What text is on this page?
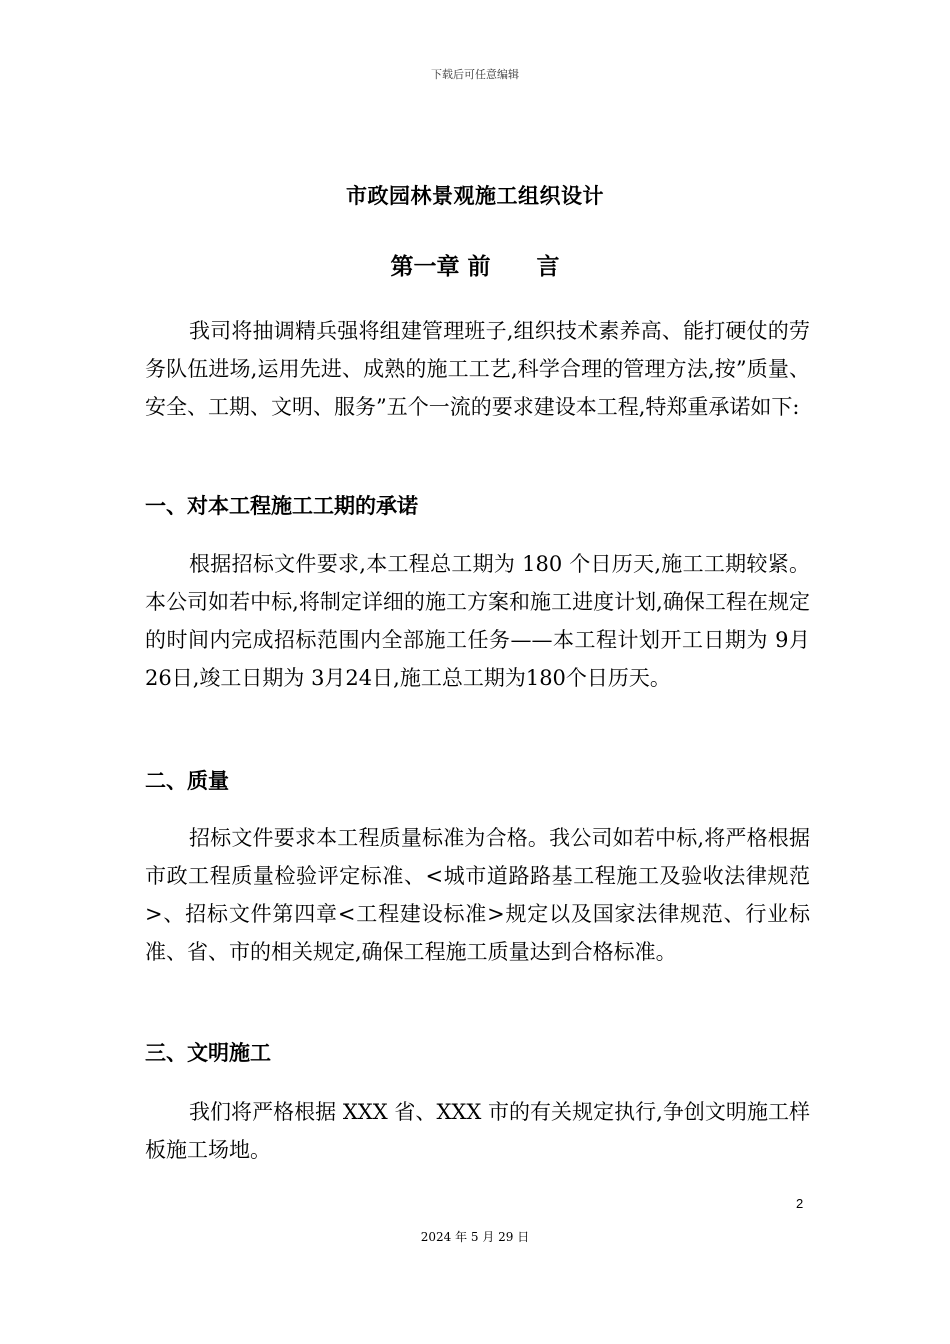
下载后可任意编辑
市政园林景观施工组织设计
第一章 前　　言

我司将抽调精兵强将组建管理班子,组织技术素养高、能打硬仗的劳务队伍进场,运用先进、成熟的施工工艺,科学合理的管理方法,按”质量、安全、工期、文明、服务”五个一流的要求建设本工程,特郑重承诺如下:

一、对本工程施工工期的承诺

根据招标文件要求,本工程总工期为 180 个日历天,施工工期较紧。本公司如若中标,将制定详细的施工方案和施工进度计划,确保工程在规定的时间内完成招标范围内全部施工任务——本工程计划开工日期为 9月26日,竣工日期为 3月24日,施工总工期为180个日历天。

二、质量

招标文件要求本工程质量标准为合格。我公司如若中标,将严格根据市政工程质量检验评定标准、<城市道路路基工程施工及验收法律规范>、招标文件第四章<工程建设标准>规定以及国家法律规范、行业标准、省、市的相关规定,确保工程施工质量达到合格标准。

三、文明施工

我们将严格根据 XXX 省、XXX 市的有关规定执行,争创文明施工样板施工场地。

2
2024 年 5 月 29 日
